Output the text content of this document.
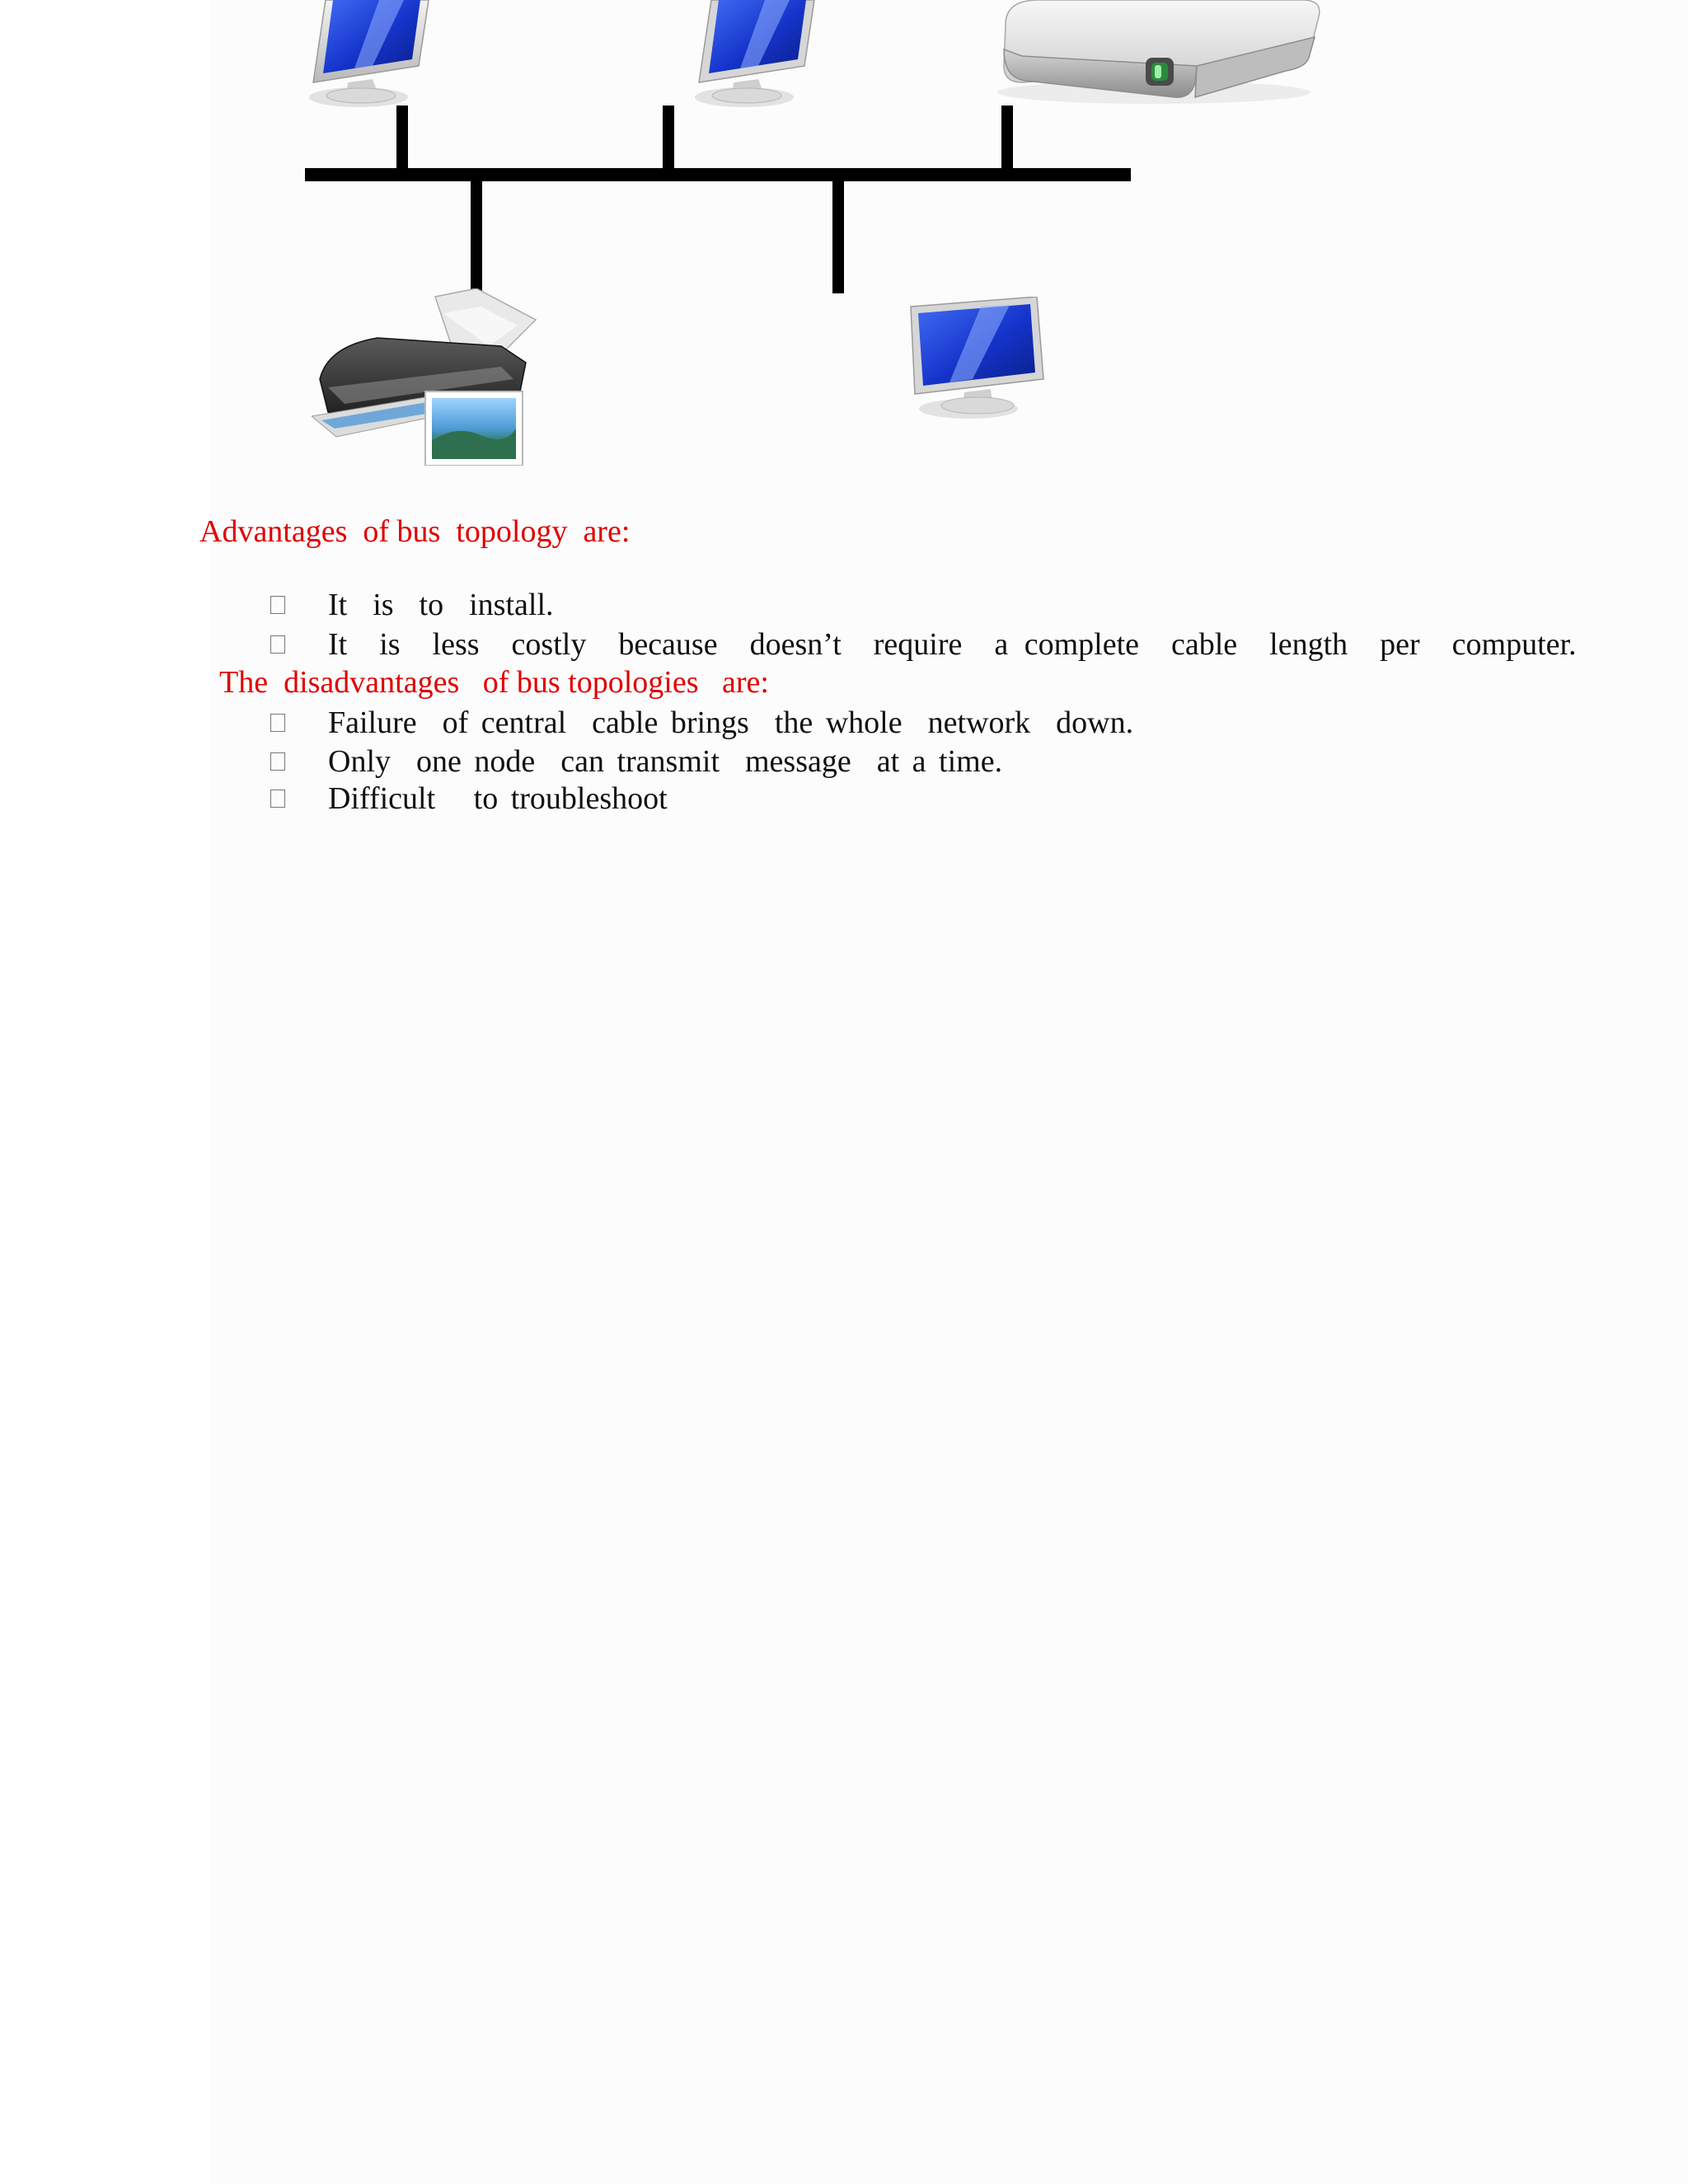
Advantages  of bus  topology  are:
It  is  to  install.
It  is  less  costly  because  doesn’t  require  a complete  cable  length  per  computer.
The  disadvantages   of bus topologies   are:
Failure  of central  cable brings  the whole  network  down.
Only  one node  can transmit  message  at a time.
Difficult   to troubleshoot
